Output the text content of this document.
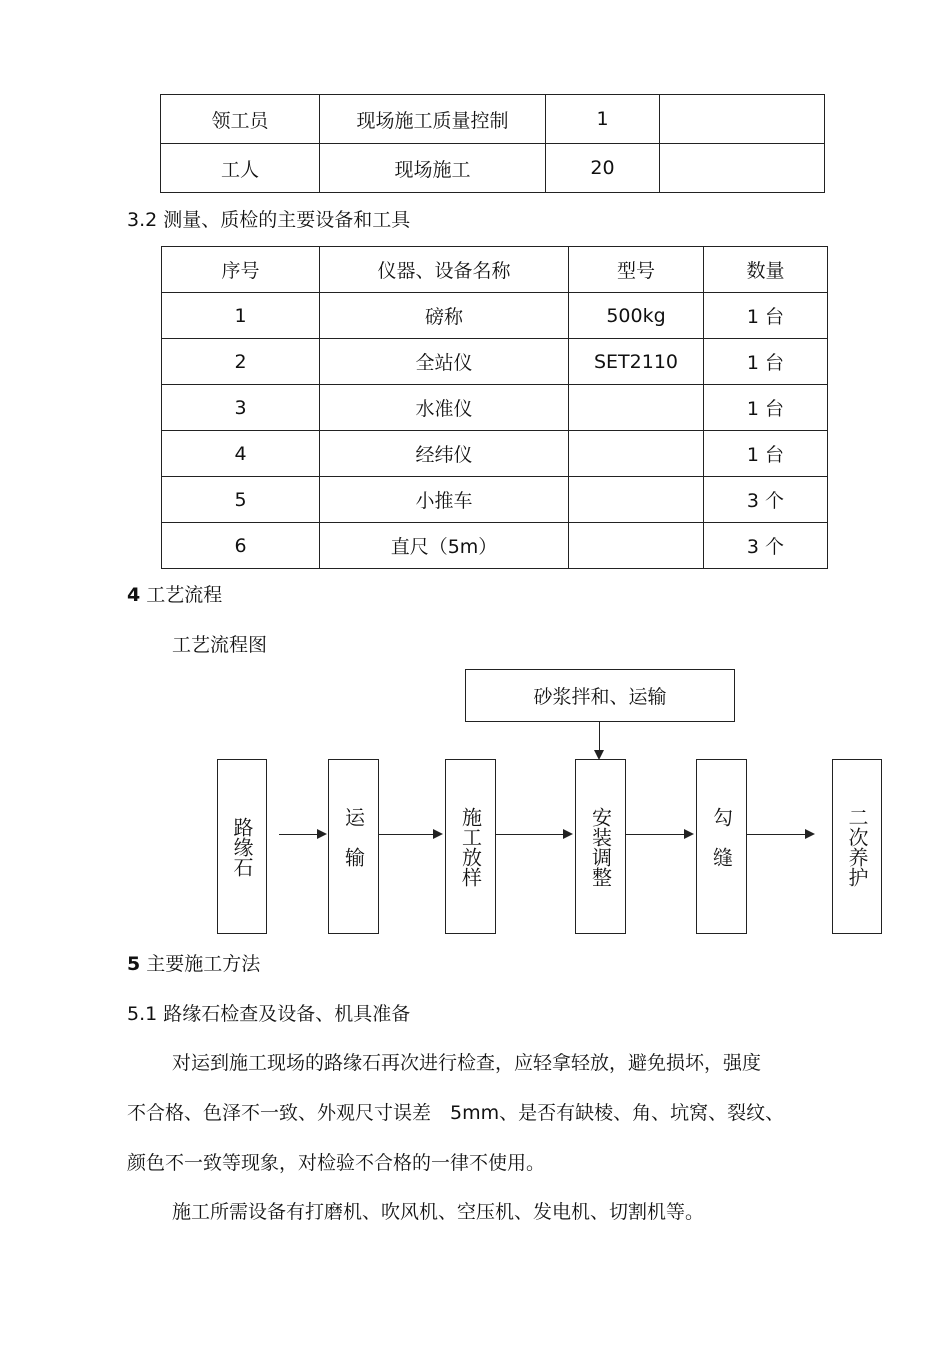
领工员	现场施工质量控制	1	
工人	现场施工	20	
3.2 测量、质检的主要设备和工具
序号	仪器、设备名称	型号	数量
1	磅称	500kg	1 台
2	全站仪	SET2110	1 台
3	水准仪		1 台
4	经纬仪		1 台
5	小推车		3 个
6	直尺（5m）		3 个
4 工艺流程
工艺流程图
砂浆拌和、运输
路缘石	运输	施工放样	安装调整	勾缝	二次养护
5 主要施工方法
5.1 路缘石检查及设备、机具准备
对运到施工现场的路缘石再次进行检查，应轻拿轻放，避免损坏，强度
不合格、色泽不一致、外观尺寸误差　5mm、是否有缺棱、角、坑窝、裂纹、
颜色不一致等现象，对检验不合格的一律不使用。
施工所需设备有打磨机、吹风机、空压机、发电机、切割机等。
